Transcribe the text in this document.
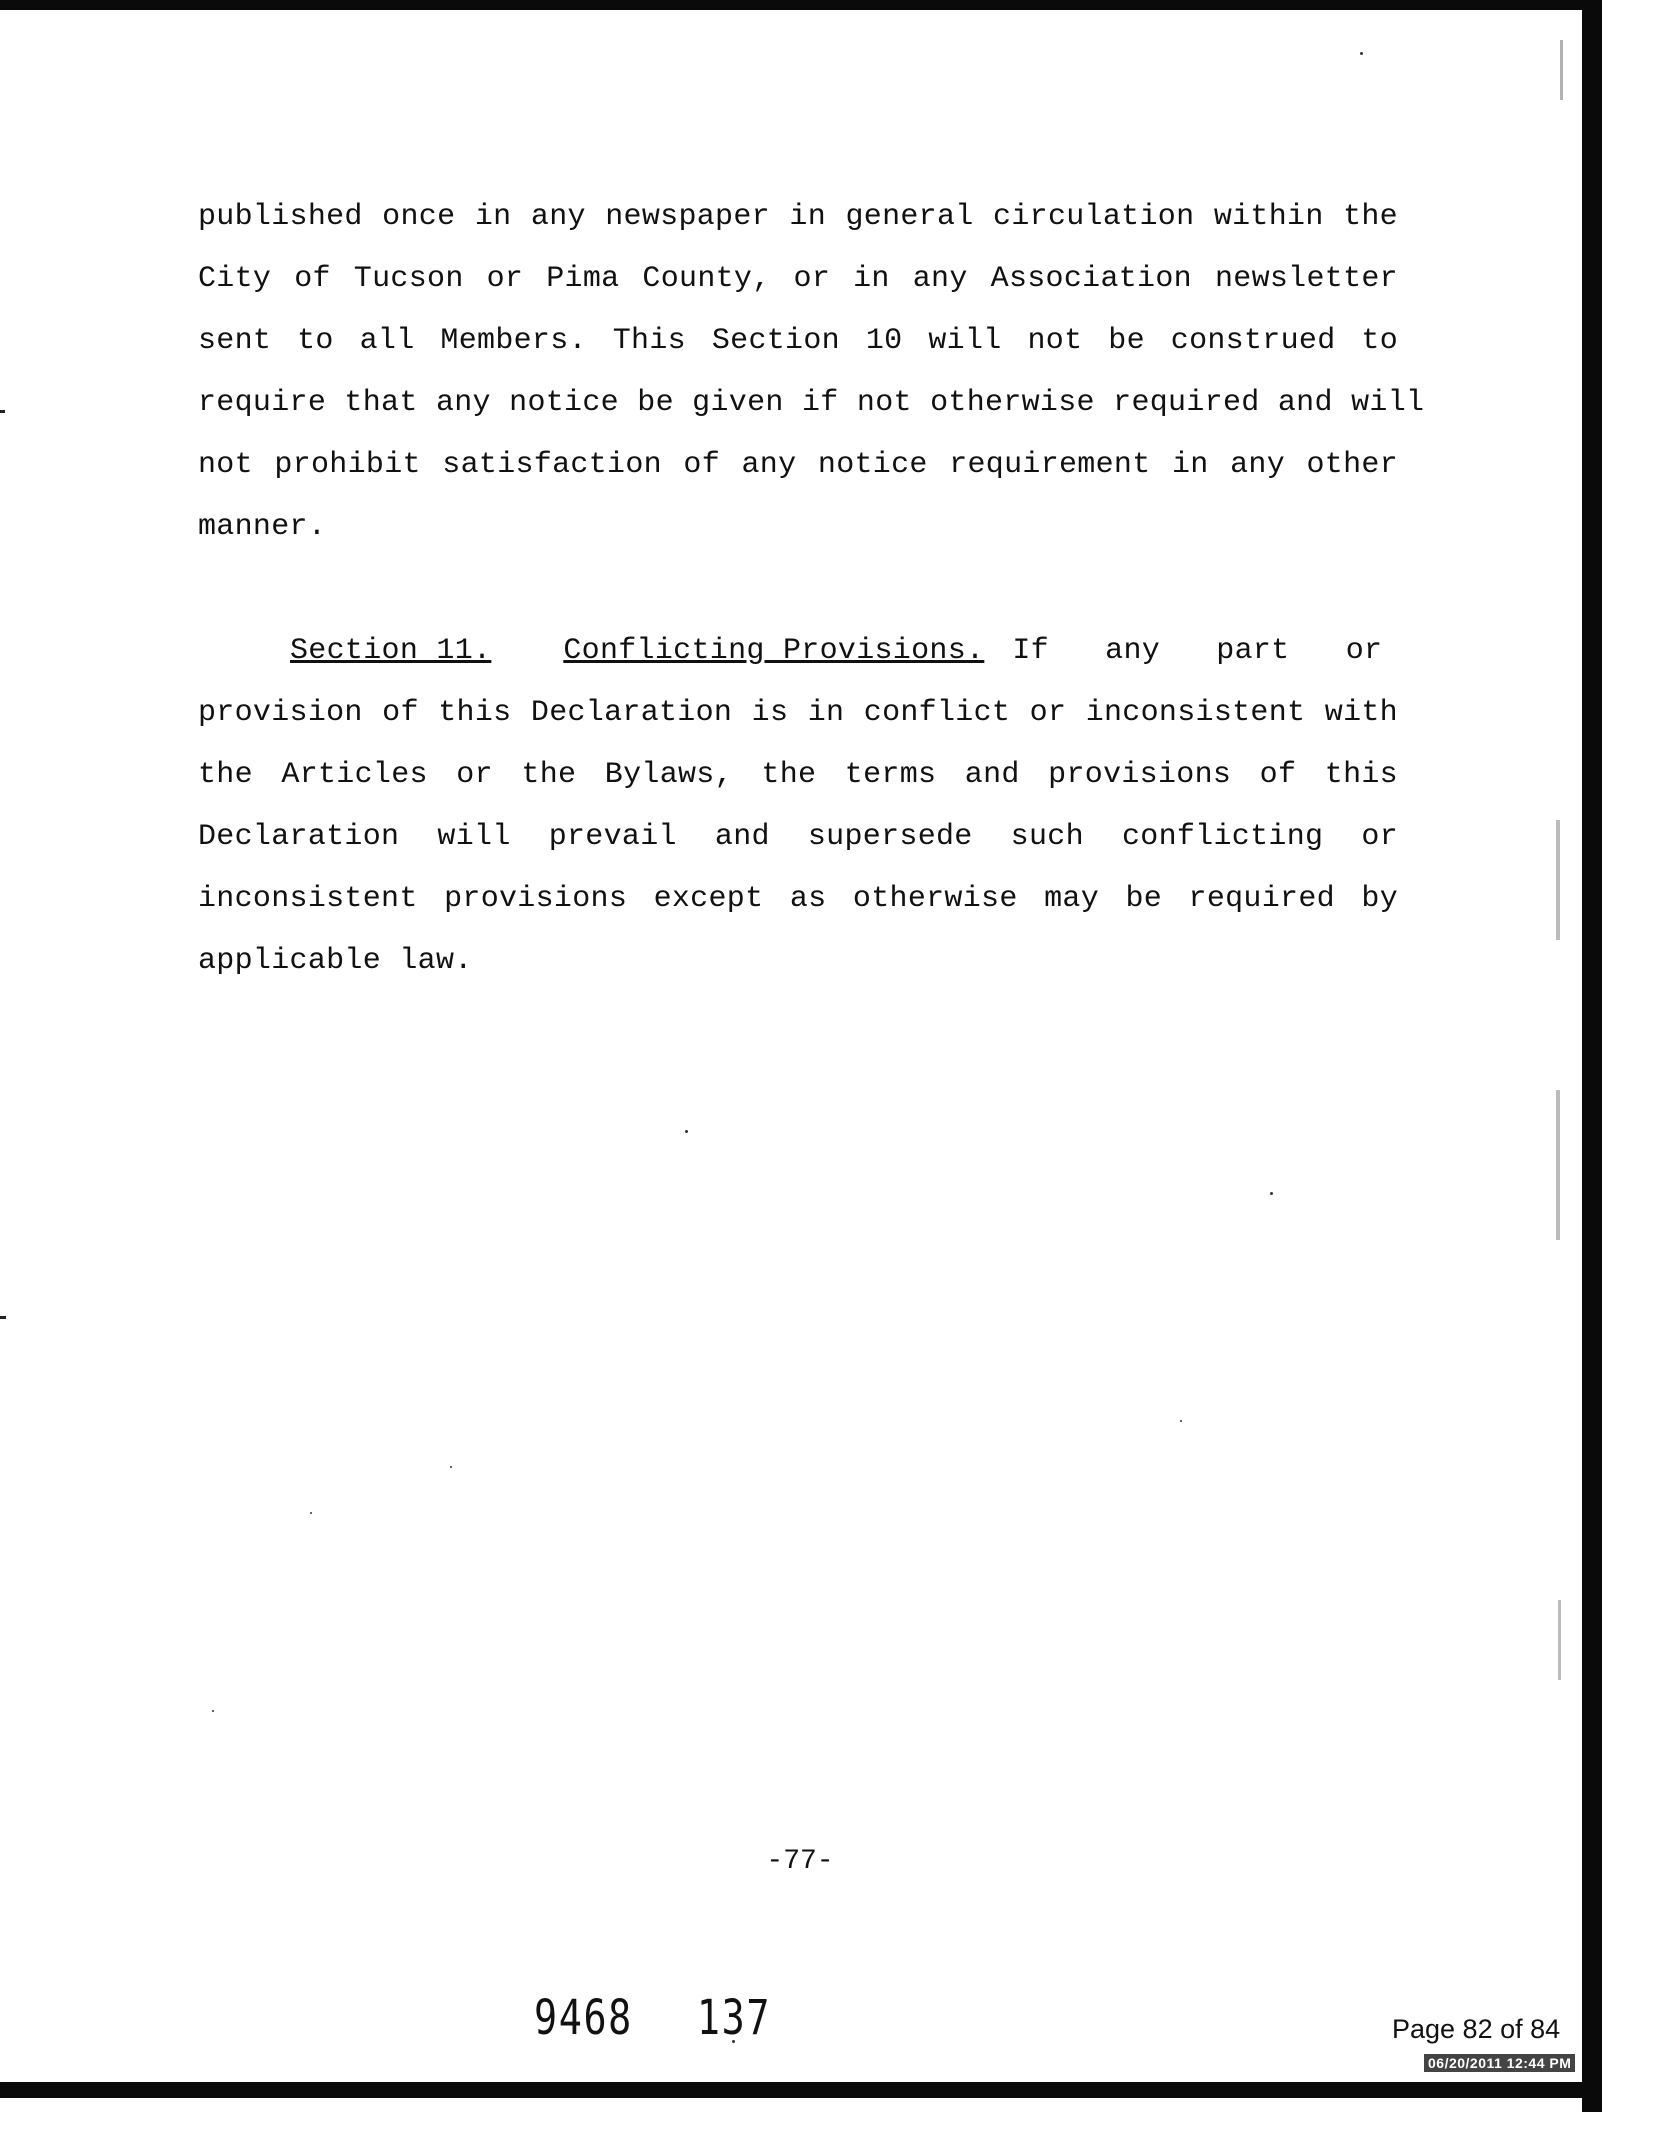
published once in any newspaper in general circulation within the
City of Tucson or Pima County, or in any Association newsletter
sent to all Members. This Section 10 will not be construed to
require that any notice be given if not otherwise required and will
not prohibit satisfaction of any notice requirement in any other
manner.
Section 11. Conflicting Provisions. If any part or
provision of this Declaration is in conflict or inconsistent with
the Articles or the Bylaws, the terms and provisions of this
Declaration will prevail and supersede such conflicting or
inconsistent provisions except as otherwise may be required by
applicable law.
-77-
9468 137	Page 82 of 84
06/20/2011 12:44 PM
